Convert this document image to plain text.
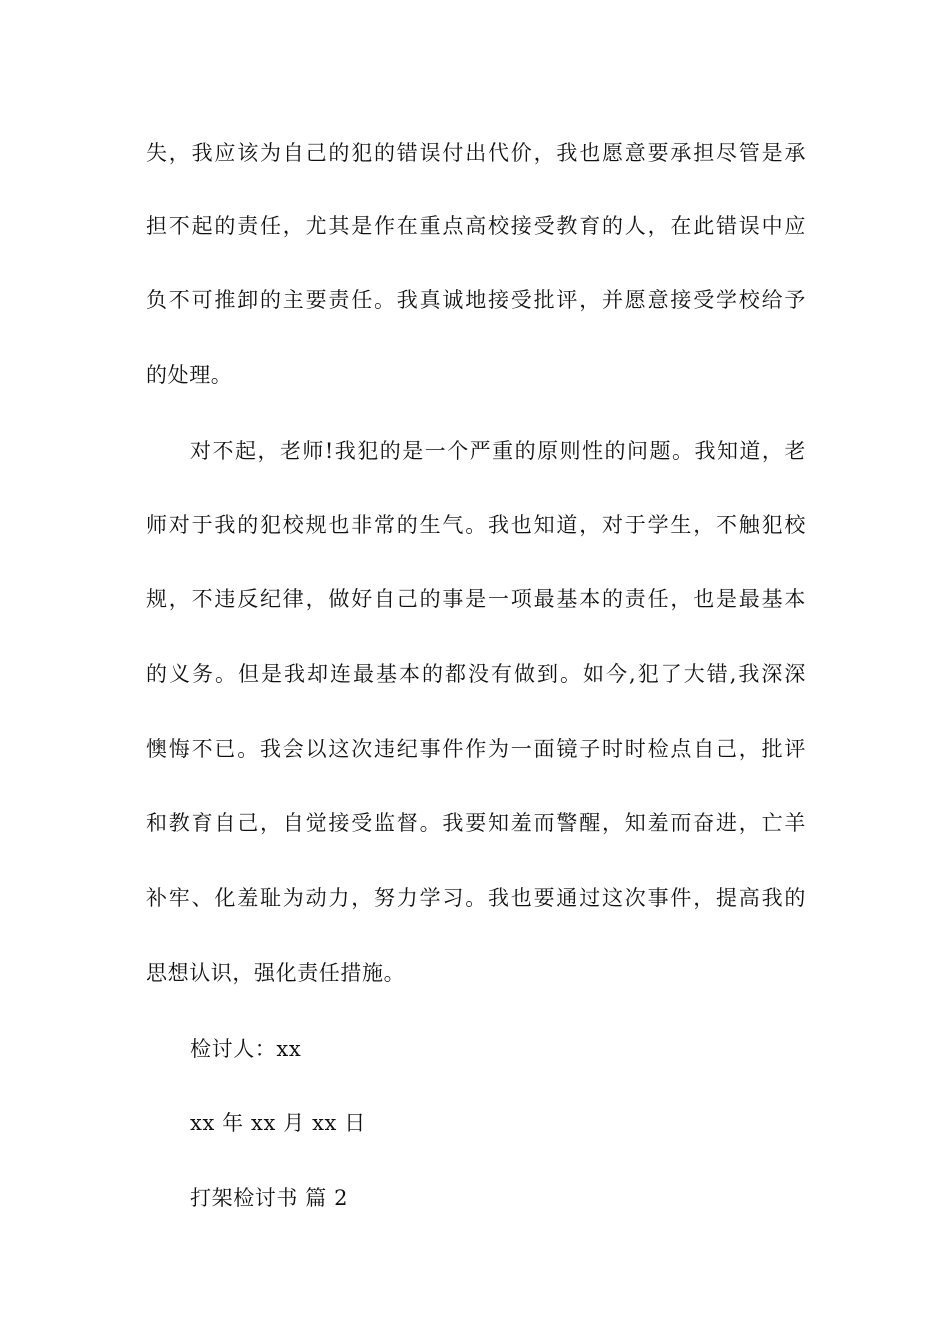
失，我应该为自己的犯的错误付出代价，我也愿意要承担尽管是承
担不起的责任，尤其是作在重点高校接受教育的人，在此错误中应
负不可推卸的主要责任。我真诚地接受批评，并愿意接受学校给予
的处理。
对不起，老师!我犯的是一个严重的原则性的问题。我知道，老
师对于我的犯校规也非常的生气。我也知道，对于学生，不触犯校
规，不违反纪律，做好自己的事是一项最基本的责任，也是最基本
的义务。但是我却连最基本的都没有做到。如今,犯了大错,我深深
懊悔不已。我会以这次违纪事件作为一面镜子时时检点自己，批评
和教育自己，自觉接受监督。我要知羞而警醒，知羞而奋进，亡羊
补牢、化羞耻为动力，努力学习。我也要通过这次事件，提高我的
思想认识，强化责任措施。
检讨人：xx
xx 年 xx 月 xx 日
打架检讨书 篇 2
